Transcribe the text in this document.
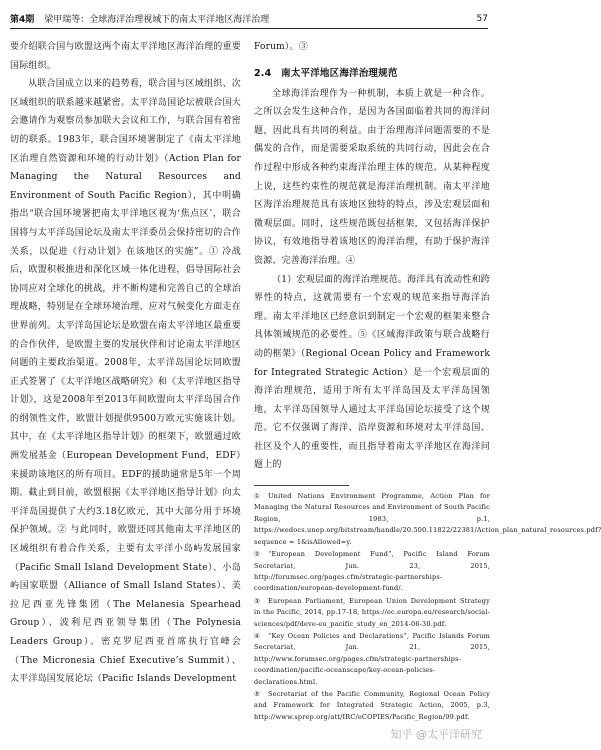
第4期 梁甲瑞等：全球海洋治理视域下的南太平洋地区海洋治理	57

要介绍联合国与欧盟这两个南太平洋地区海洋治理的重要国际组织。

从联合国成立以来的趋势看，联合国与区域组织、次区域组织的联系越来越紧密。太平洋岛国论坛被联合国大会邀请作为观察员参加联大会议和工作，与联合国有着密切的联系。1983年，联合国环境署制定了《南太平洋地区治理自然资源和环境的行动计划》（Action Plan for Managing the Natural Resources and Environment of South Pacific Region），其中明确指出“联合国环境署把南太平洋地区视为‘焦点区’，联合国将与太平洋岛国论坛及南太平洋委员会保持密切的合作关系，以促进《行动计划》在该地区的实施”。① 冷战后，欧盟积极推进和深化区域一体化进程，倡导国际社会协同应对全球化的挑战，并不断构建和完善自己的全球治理战略，特别是在全球环境治理、应对气候变化方面走在世界前列。太平洋岛国论坛是欧盟在南太平洋地区最重要的合作伙伴，是欧盟主要的发展伙伴和讨论南太平洋地区问题的主要政治渠道。2008年，太平洋岛国论坛同欧盟正式签署了《太平洋地区战略研究》和《太平洋地区指导计划》，这是2008年至2013年间欧盟向太平洋岛国合作的纲领性文件，欧盟计划提供9500万欧元实施该计划。其中，在《太平洋地区指导计划》的框架下，欧盟通过欧洲发展基金（European Development Fund，EDF）来援助该地区的所有项目。EDF的援助通常是5年一个周期。截止到目前，欧盟根据《太平洋地区指导计划》向太平洋岛国提供了大约3.18亿欧元，其中大部分用于环境保护领域。② 与此同时，欧盟还同其他南太平洋地区的区域组织有着合作关系，主要有太平洋小岛屿发展国家（Pacific Small Island Development State）、小岛屿国家联盟（Alliance of Small Island States）、美拉尼西亚先锋集团（The Melanesia Spearhead Group）、波利尼西亚领导集团（The Polynesia Leaders Group）、密克罗尼西亚首席执行官峰会（The Micronesia Chief Executive’s Summit）、太平洋岛国发展论坛（Pacific Islands Development

Forum）。③

2.4　南太平洋地区海洋治理规范

全球海洋治理作为一种机制，本质上就是一种合作。之所以会发生这种合作，是因为各国面临着共同的海洋问题，因此具有共同的利益。由于治理海洋问题需要的不是偶发的合作，而是需要采取系统的共同行动，因此会在合作过程中形成各种约束海洋治理主体的规范。从某种程度上说，这些约束性的规范就是海洋治理机制。南太平洋地区海洋治理规范具有该地区独特的特点，涉及宏观层面和微观层面。同时，这些规范既包括框架，又包括海洋保护协议，有效地指导着该地区的海洋治理，有助于保护海洋资源、完善海洋治理。④

（1）宏观层面的海洋治理规范。海洋具有流动性和跨界性的特点，这就需要有一个宏观的规范来指导海洋治理。南太平洋地区已经意识到制定一个宏观的框架来整合具体领域规范的必要性。⑤《区域海洋政策与联合战略行动的框架》（Regional Ocean Policy and Framework for Integrated Strategic Action）是一个宏观层面的海洋治理规范，适用于所有太平洋岛国及太平洋岛国领地，太平洋岛国领导人通过太平洋岛国论坛接受了这个规范。它不仅强调了海洋、沿岸资源和环境对太平洋岛国、社区及个人的重要性，而且指导着南太平洋地区在海洋问题上的

① United Nations Environment Programme, Action Plan for Managing the Natural Resources and Environment of South Pacific Region, 1983, p.1, https://wedocs.unep.org/bitstream/handle/20.500.11822/22381/Action_plan_natural_resources.pdf? sequence = 1&isAllowed=y.
② “European Development Fund”, Pacific Island Forum Secretariat, Jun. 23, 2015, http://forumsec.org/pages.cfm/strategic-partnerships-coordination/european-development-fund/.
③ European Parliament, European Union Development Strategy in the Pacific, 2014, pp.17-18, https://ec.europa.eu/research/social-sciences/pdf/deve-eu_pacific_study_en_2014-06-30.pdf.
④ “Key Ocean Policies and Declarations”, Pacific Islands Forum Secretariat, Jan. 21, 2015, http://www.forumsec.org/pages.cfm/strategic-partnerships-coordination/pacific-oceanscape/key-ocean-policies-declarations.html.
⑤ Secretariat of the Pacific Community, Regional Ocean Policy and Framework for Integrated Strategic Action, 2005, p.3, http://www.sprep.org/att/IRC/eCOPIES/Pacific_Region/99.pdf.
知乎 @太平洋研究
